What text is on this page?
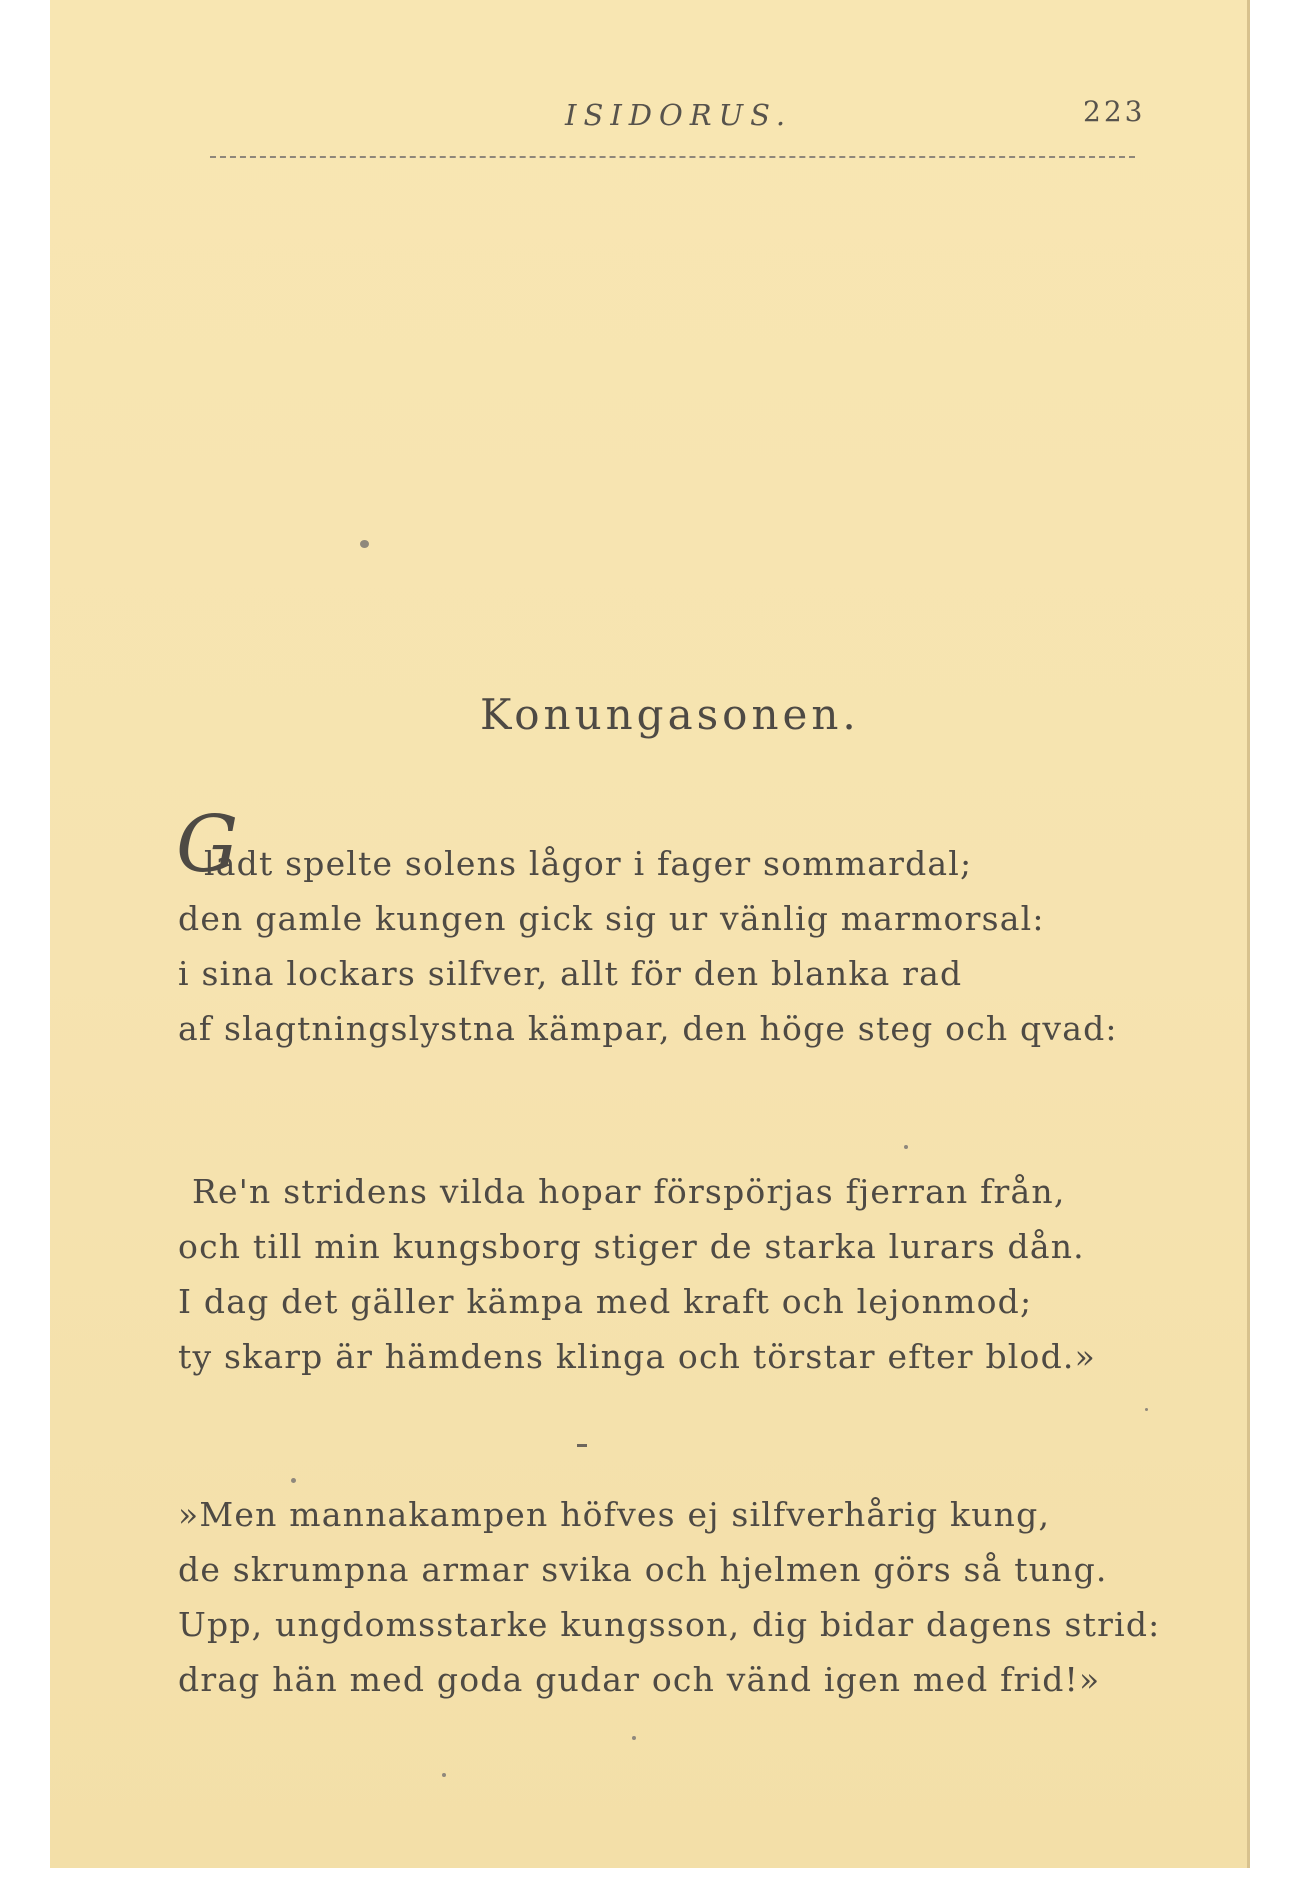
ISIDORUS.	223
Konungasonen.
G
ladt spelte solens lågor i fager sommardal;
den gamle kungen gick sig ur vänlig marmorsal:
i sina lockars silfver, allt för den blanka rad
af slagtningslystna kämpar, den höge steg och qvad:
Re'n stridens vilda hopar förspörjas fjerran från,
och till min kungsborg stiger de starka lurars dån.
I dag det gäller kämpa med kraft och lejonmod;
ty skarp är hämdens klinga och törstar efter blod.»
»Men mannakampen höfves ej silfverhårig kung,
de skrumpna armar svika och hjelmen görs så tung.
Upp, ungdomsstarke kungsson, dig bidar dagens strid:
drag hän med goda gudar och vänd igen med frid!»
